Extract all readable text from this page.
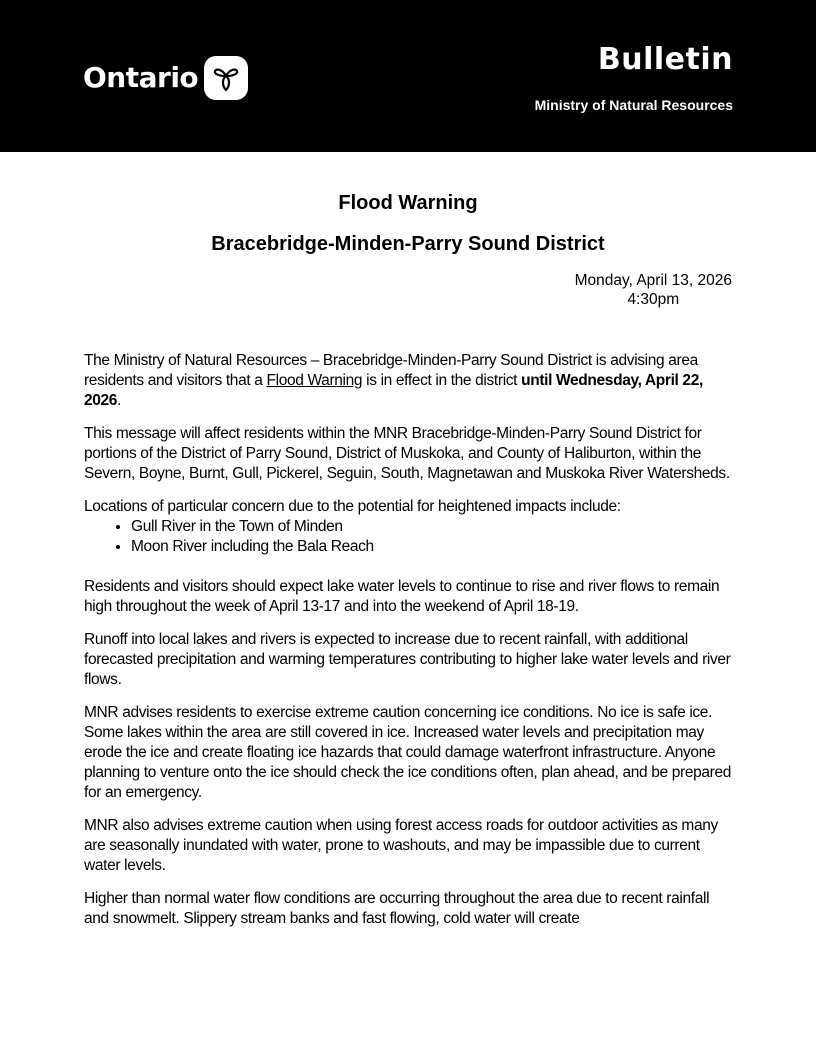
Ontario
Bulletin
Ministry of Natural Resources
Flood Warning
Bracebridge-Minden-Parry Sound District
Monday, April 13, 2026
4:30pm

The Ministry of Natural Resources – Bracebridge-Minden-Parry Sound District is advising area residents and visitors that a Flood Warning is in effect in the district until Wednesday, April 22, 2026.

This message will affect residents within the MNR Bracebridge-Minden-Parry Sound District for portions of the District of Parry Sound, District of Muskoka, and County of Haliburton, within the Severn, Boyne, Burnt, Gull, Pickerel, Seguin, South, Magnetawan and Muskoka River Watersheds.

Locations of particular concern due to the potential for heightened impacts include:

• Gull River in the Town of Minden
• Moon River including the Bala Reach

Residents and visitors should expect lake water levels to continue to rise and river flows to remain high throughout the week of April 13-17 and into the weekend of April 18-19.

Runoff into local lakes and rivers is expected to increase due to recent rainfall, with additional forecasted precipitation and warming temperatures contributing to higher lake water levels and river flows.

MNR advises residents to exercise extreme caution concerning ice conditions. No ice is safe ice. Some lakes within the area are still covered in ice. Increased water levels and precipitation may erode the ice and create floating ice hazards that could damage waterfront infrastructure. Anyone planning to venture onto the ice should check the ice conditions often, plan ahead, and be prepared for an emergency.

MNR also advises extreme caution when using forest access roads for outdoor activities as many are seasonally inundated with water, prone to washouts, and may be impassible due to current water levels.

Higher than normal water flow conditions are occurring throughout the area due to recent rainfall and snowmelt. Slippery stream banks and fast flowing, cold water will create
